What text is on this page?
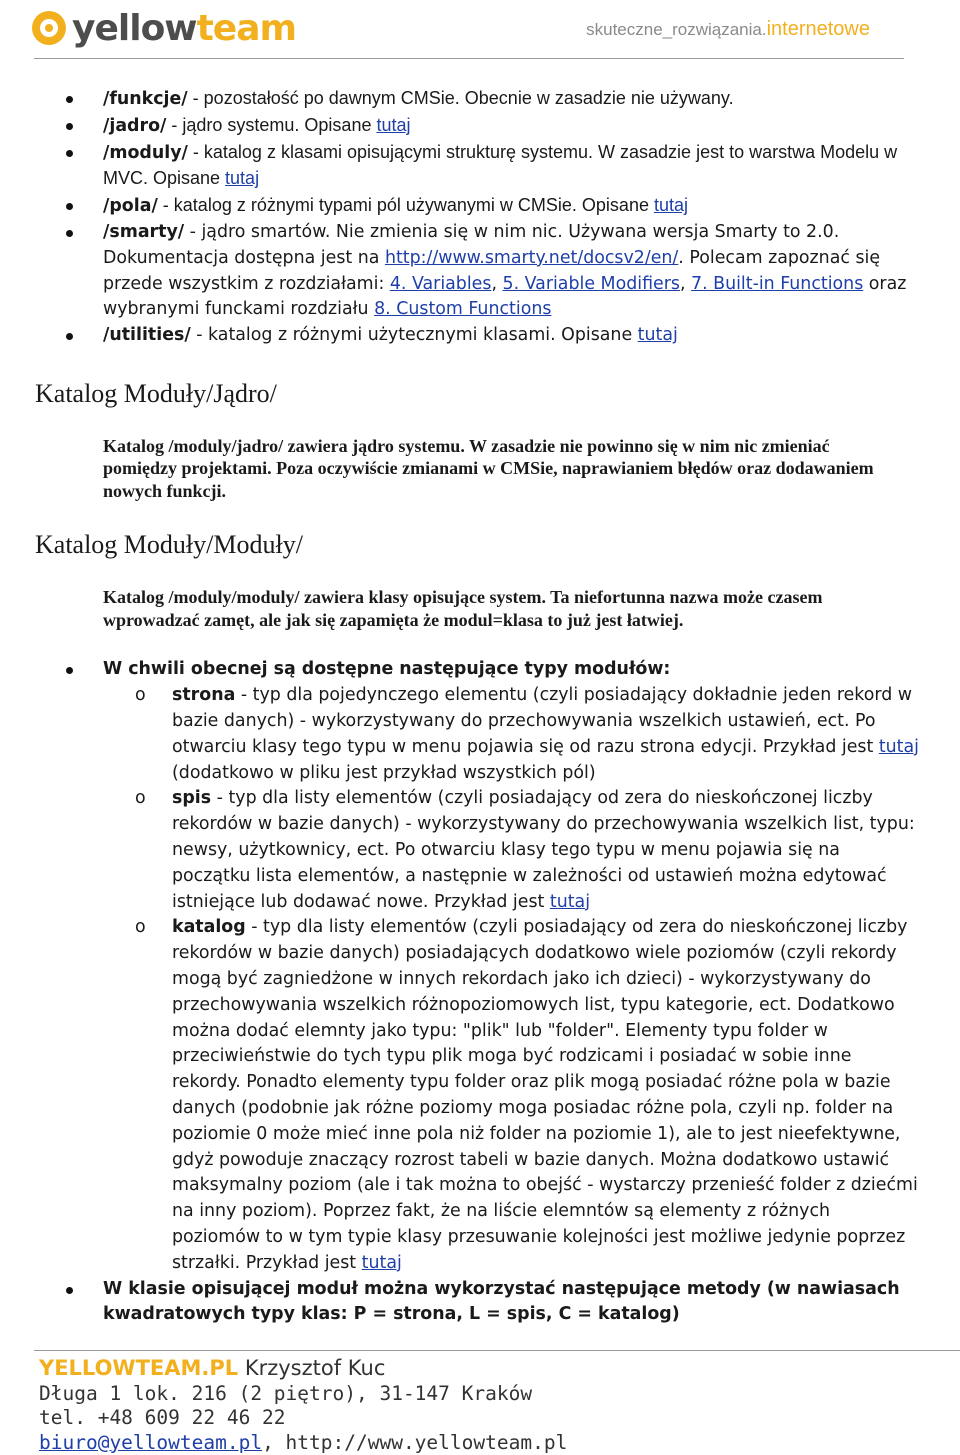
yellowteam	skuteczne_rozwiązania.internetowe
/funkcje/ - pozostałość po dawnym CMSie. Obecnie w zasadzie nie używany.
/jadro/ - jądro systemu. Opisane tutaj
/moduly/ - katalog z klasami opisującymi strukturę systemu. W zasadzie jest to warstwa Modelu w MVC. Opisane tutaj
/pola/ - katalog z różnymi typami pól używanymi w CMSie. Opisane tutaj
/smarty/ - jądro smartów. Nie zmienia się w nim nic. Używana wersja Smarty to 2.0. Dokumentacja dostępna jest na http://www.smarty.net/docsv2/en/. Polecam zapoznać się przede wszystkim z rozdziałami: 4. Variables, 5. Variable Modifiers, 7. Built-in Functions oraz wybranymi funckami rozdziału 8. Custom Functions
/utilities/ - katalog z różnymi użytecznymi klasami. Opisane tutaj
Katalog Moduły/Jądro/
Katalog /moduly/jadro/ zawiera jądro systemu. W zasadzie nie powinno się w nim nic zmieniać pomiędzy projektami. Poza oczywiście zmianami w CMSie, naprawianiem błędów oraz dodawaniem nowych funkcji.
Katalog Moduły/Moduły/
Katalog /moduly/moduly/ zawiera klasy opisujące system. Ta niefortunna nazwa może czasem wprowadzać zamęt, ale jak się zapamięta że modul=klasa to już jest łatwiej.
W chwili obecnej są dostępne następujące typy modułów:
o strona - typ dla pojedynczego elementu (czyli posiadający dokładnie jeden rekord w bazie danych) - wykorzystywany do przechowywania wszelkich ustawień, ect. Po otwarciu klasy tego typu w menu pojawia się od razu strona edycji. Przykład jest tutaj (dodatkowo w pliku jest przykład wszystkich pól)
o spis - typ dla listy elementów (czyli posiadający od zera do nieskończonej liczby rekordów w bazie danych) - wykorzystywany do przechowywania wszelkich list, typu: newsy, użytkownicy, ect. Po otwarciu klasy tego typu w menu pojawia się na początku lista elementów, a następnie w zależności od ustawień można edytować istniejące lub dodawać nowe. Przykład jest tutaj
o katalog - typ dla listy elementów (czyli posiadający od zera do nieskończonej liczby rekordów w bazie danych) posiadających dodatkowo wiele poziomów (czyli rekordy mogą być zagniedżone w innych rekordach jako ich dzieci) - wykorzystywany do przechowywania wszelkich różnopoziomowych list, typu kategorie, ect. Dodatkowo można dodać elemnty jako typu: "plik" lub "folder". Elementy typu folder w przeciwieństwie do tych typu plik moga być rodzicami i posiadać w sobie inne rekordy. Ponadto elementy typu folder oraz plik mogą posiadać różne pola w bazie danych (podobnie jak różne poziomy moga posiadac różne pola, czyli np. folder na poziomie 0 może mieć inne pola niż folder na poziomie 1), ale to jest nieefektywne, gdyż powoduje znaczący rozrost tabeli w bazie danych. Można dodatkowo ustawić maksymalny poziom (ale i tak można to obejść - wystarczy przenieść folder z dziećmi na inny poziom). Poprzez fakt, że na liście elemntów są elementy z różnych poziomów to w tym typie klasy przesuwanie kolejności jest możliwe jedynie poprzez strzałki. Przykład jest tutaj
W klasie opisującej moduł można wykorzystać następujące metody (w nawiasach kwadratowych typy klas: P = strona, L = spis, C = katalog)
YELLOWTEAM.PL Krzysztof Kuc
Długa 1 lok. 216 (2 piętro), 31-147 Kraków
tel. +48 609 22 46 22
biuro@yellowteam.pl, http://www.yellowteam.pl
